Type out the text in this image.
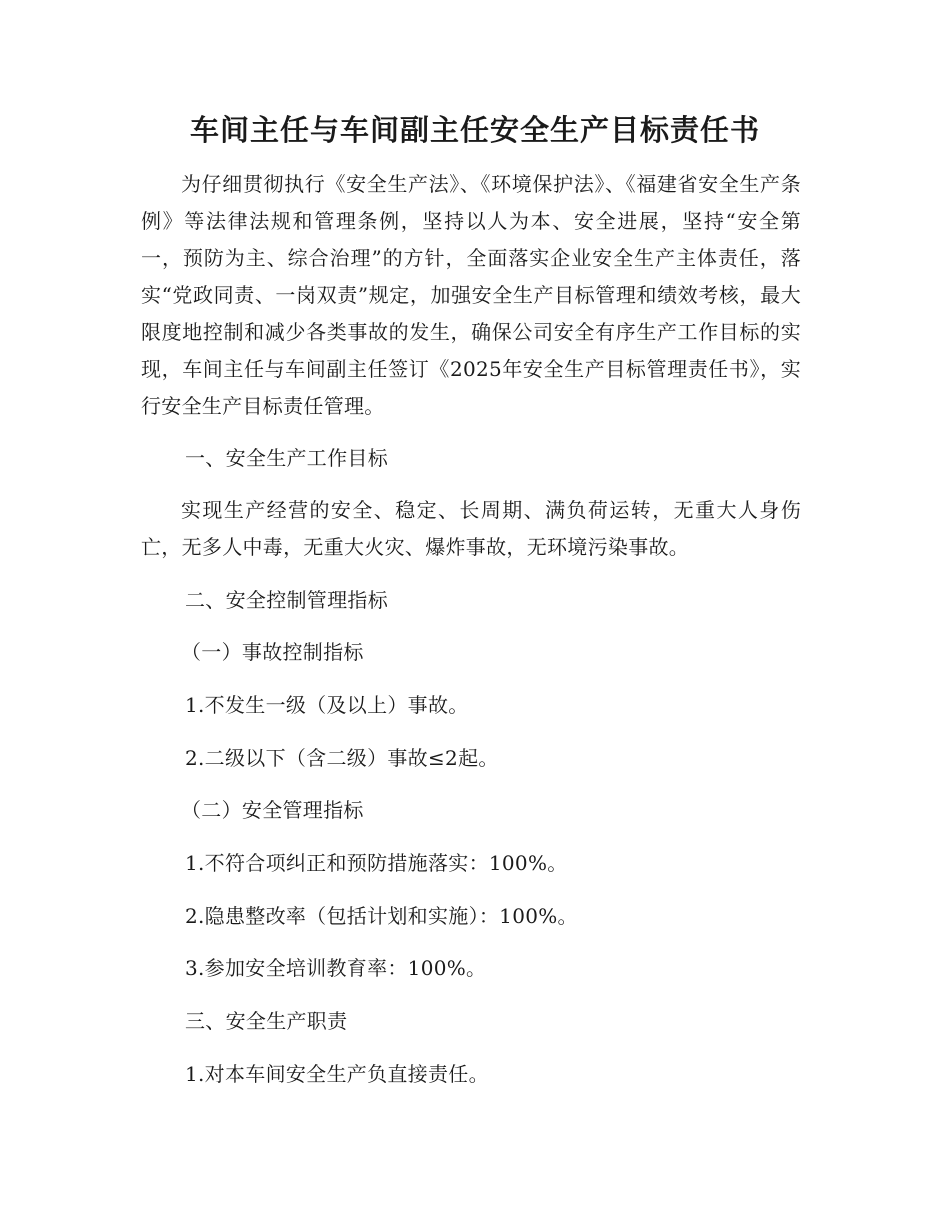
车间主任与车间副主任安全生产目标责任书

为仔细贯彻执行《安全生产法》、《环境保护法》、《福建省安全生产条例》等法律法规和管理条例，坚持以人为本、安全进展，坚持“安全第一，预防为主、综合治理”的方针，全面落实企业安全生产主体责任，落实“党政同责、一岗双责”规定，加强安全生产目标管理和绩效考核，最大限度地控制和减少各类事故的发生，确保公司安全有序生产工作目标的实现，车间主任与车间副主任签订《2025年安全生产目标管理责任书》，实行安全生产目标责任管理。

一、安全生产工作目标

实现生产经营的安全、稳定、长周期、满负荷运转，无重大人身伤亡，无多人中毒，无重大火灾、爆炸事故，无环境污染事故。

二、安全控制管理指标

（一）事故控制指标

1.不发生一级（及以上）事故。

2.二级以下（含二级）事故≤2起。

（二）安全管理指标

1.不符合项纠正和预防措施落实：100%。

2.隐患整改率（包括计划和实施）：100%。

3.参加安全培训教育率：100%。

三、安全生产职责

1.对本车间安全生产负直接责任。
